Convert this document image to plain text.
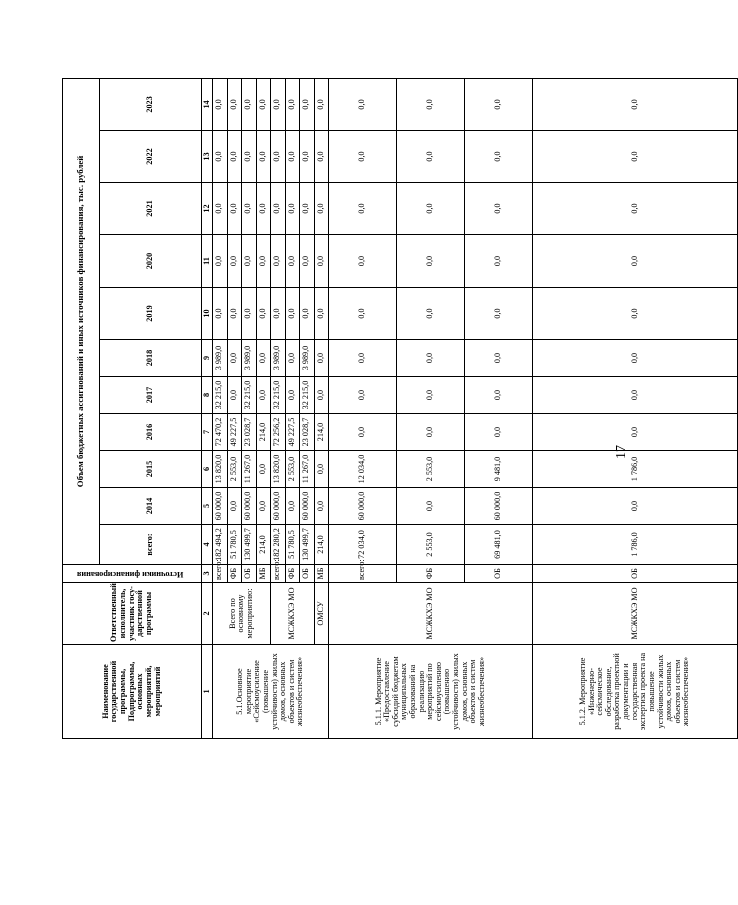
17
Наименование государственной программы, Подпрограммы, основных мероприятий, мероприятий	Ответственный исполнитель, участник госу-дарственной программы	Источники финансирования	Объем бюджетных ассигнований и иных источников финансирования, тыс. рублей										
			всего:	2014	2015	2016	2017	2018	2019	2020	2021	2022	2023
1	2	3	4	5	6	7	8	9	10	11	12	13	14
5.1.Основное мероприятие «Сейсмоусиление (повышение устойчивости) жилых домов, основных объектов и систем жизнеобеспечения»	Всего по основному мероприятию:	всего:	182 494,2	60 000,0	13 820,0	72 470,2	32 215,0	3 989,0	0,0	0,0	0,0	0,0	0,0
		ФБ	51 780,5	0,0	2 553,0	49 227,5	0,0	0,0	0,0	0,0	0,0	0,0	0,0
		ОБ	130 499,7	60 000,0	11 267,0	23 028,7	32 215,0	3 989,0	0,0	0,0	0,0	0,0	0,0
		МБ	214,0	0,0	0,0	214,0	0,0	0,0	0,0	0,0	0,0	0,0	0,0
	МСЖКХЭ МО	всего:	182 280,2	60 000,0	13 820,0	72 256,2	32 215,0	3 989,0	0,0	0,0	0,0	0,0	0,0
		ФБ	51 780,5	0,0	2 553,0	49 227,5	0,0	0,0	0,0	0,0	0,0	0,0	0,0
		ОБ	130 499,7	60 000,0	11 267,0	23 028,7	32 215,0	3 989,0	0,0	0,0	0,0	0,0	0,0
	ОМСУ	МБ	214,0	0,0	0,0	214,0	0,0	0,0	0,0	0,0	0,0	0,0	0,0
5.1.1. Мероприятие «Предоставление субсидий бюджетам муниципальных образований на реализацию мероприятий по сейсмоусилению (повышению устойчивости) жилых домов, основных объектов и систем жизнеобеспечения»	МСЖКХЭ МО	всего:	72 034,0	60 000,0	12 034,0	0,0	0,0	0,0	0,0	0,0	0,0	0,0	0,0
		ФБ	2 553,0	0,0	2 553,0	0,0	0,0	0,0	0,0	0,0	0,0	0,0	0,0
		ОБ	69 481,0	60 000,0	9 481,0	0,0	0,0	0,0	0,0	0,0	0,0	0,0	0,0
5.1.2. Мероприятие «Инженерно-сейсмическое обследование, разработка проектной документации и государственная экспертиза проекта на повышение устойчивости жилых домов, основных объектов и систем жизнеобеспечения»	МСЖКХЭ МО	ОБ	1 786,0	0,0	1 786,0	0,0	0,0	0,0	0,0	0,0	0,0	0,0	0,0
